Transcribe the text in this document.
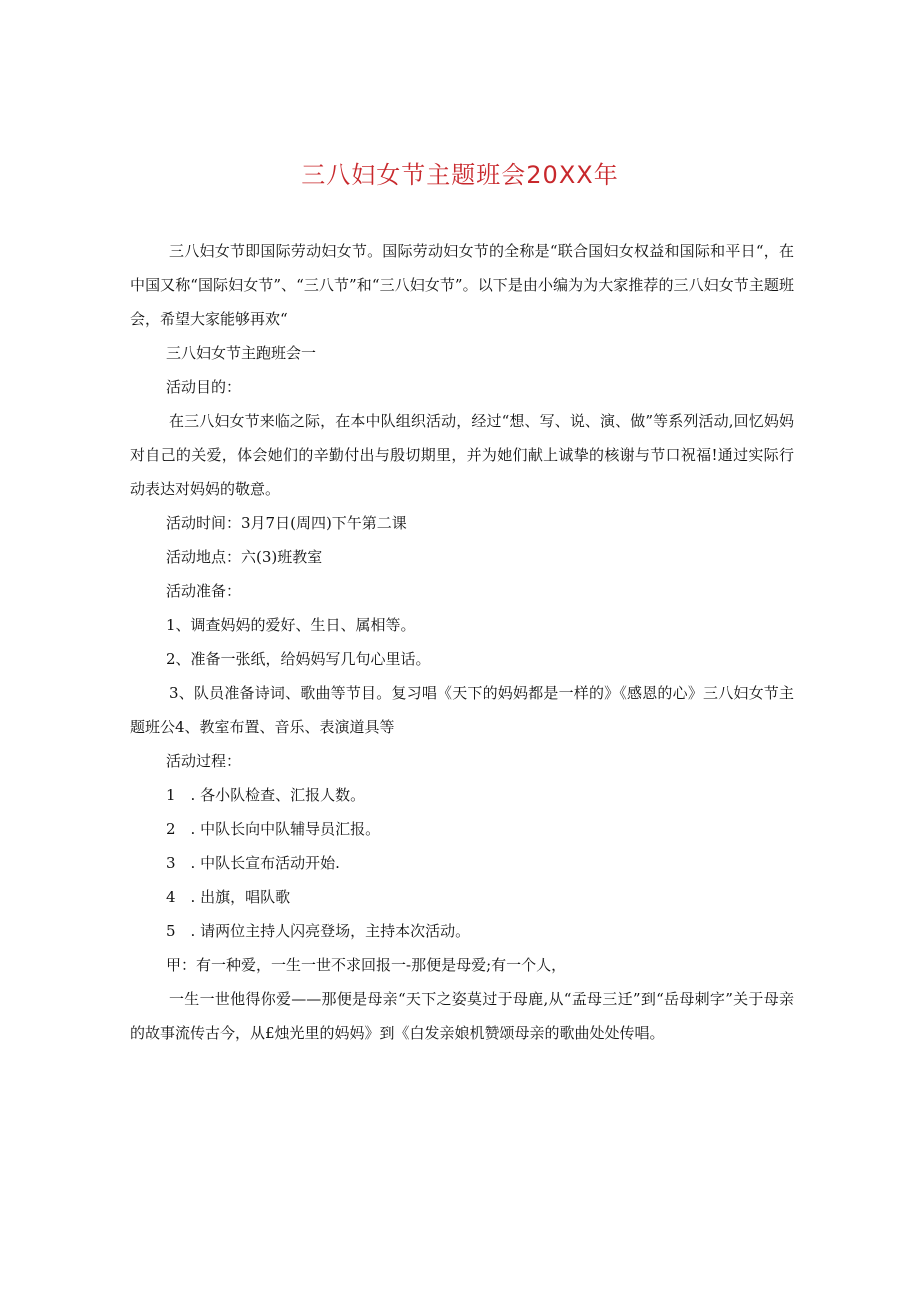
三八妇女节主题班会20XX年

三八妇女节即国际劳动妇女节。国际劳动妇女节的全称是“联合国妇女权益和国际和平日“，在中国又称“国际妇女节”、“三八节”和“三八妇女节”。以下是由小编为为大家推荐的三八妇女节主题班会，希望大家能够再欢“

三八妇女节主跑班会一

活动目的：

在三八妇女节来临之际，在本中队组织活动，经过“想、写、说、演、做”等系列活动,回忆妈妈对自己的关爱，体会她们的辛勤付出与殷切期里，并为她们献上诚挚的核谢与节口祝福!通过实际行动表达对妈妈的敬意。

活动时间：3月7日(周四)下午第二课

活动地点：六(3)班教室

活动准备：

1、调查妈妈的爱好、生日、属相等。

2、准备一张纸，给妈妈写几句心里话。

3、队员准备诗词、歌曲等节目。复习唱《天下的妈妈都是一样的》《感恩的心》三八妇女节主题班公4、教室布置、音乐、表演道具等

活动过程：

1　. 各小队检查、汇报人数。

2　. 中队长向中队辅导员汇报。

3　. 中队长宣布活动开始.

4　. 出旗，唱队歌

5　. 请两位主持人闪亮登场，主持本次活动。

甲：有一种爱，一生一世不求回报一-那便是母爱;有一个人，

一生一世他得你爱——那便是母亲“天下之姿莫过于母鹿,从“孟母三迁”到“岳母刺字”关于母亲的故事流传古今，从£烛光里的妈妈》到《白发亲娘机赞颂母亲的歌曲处处传唱。
